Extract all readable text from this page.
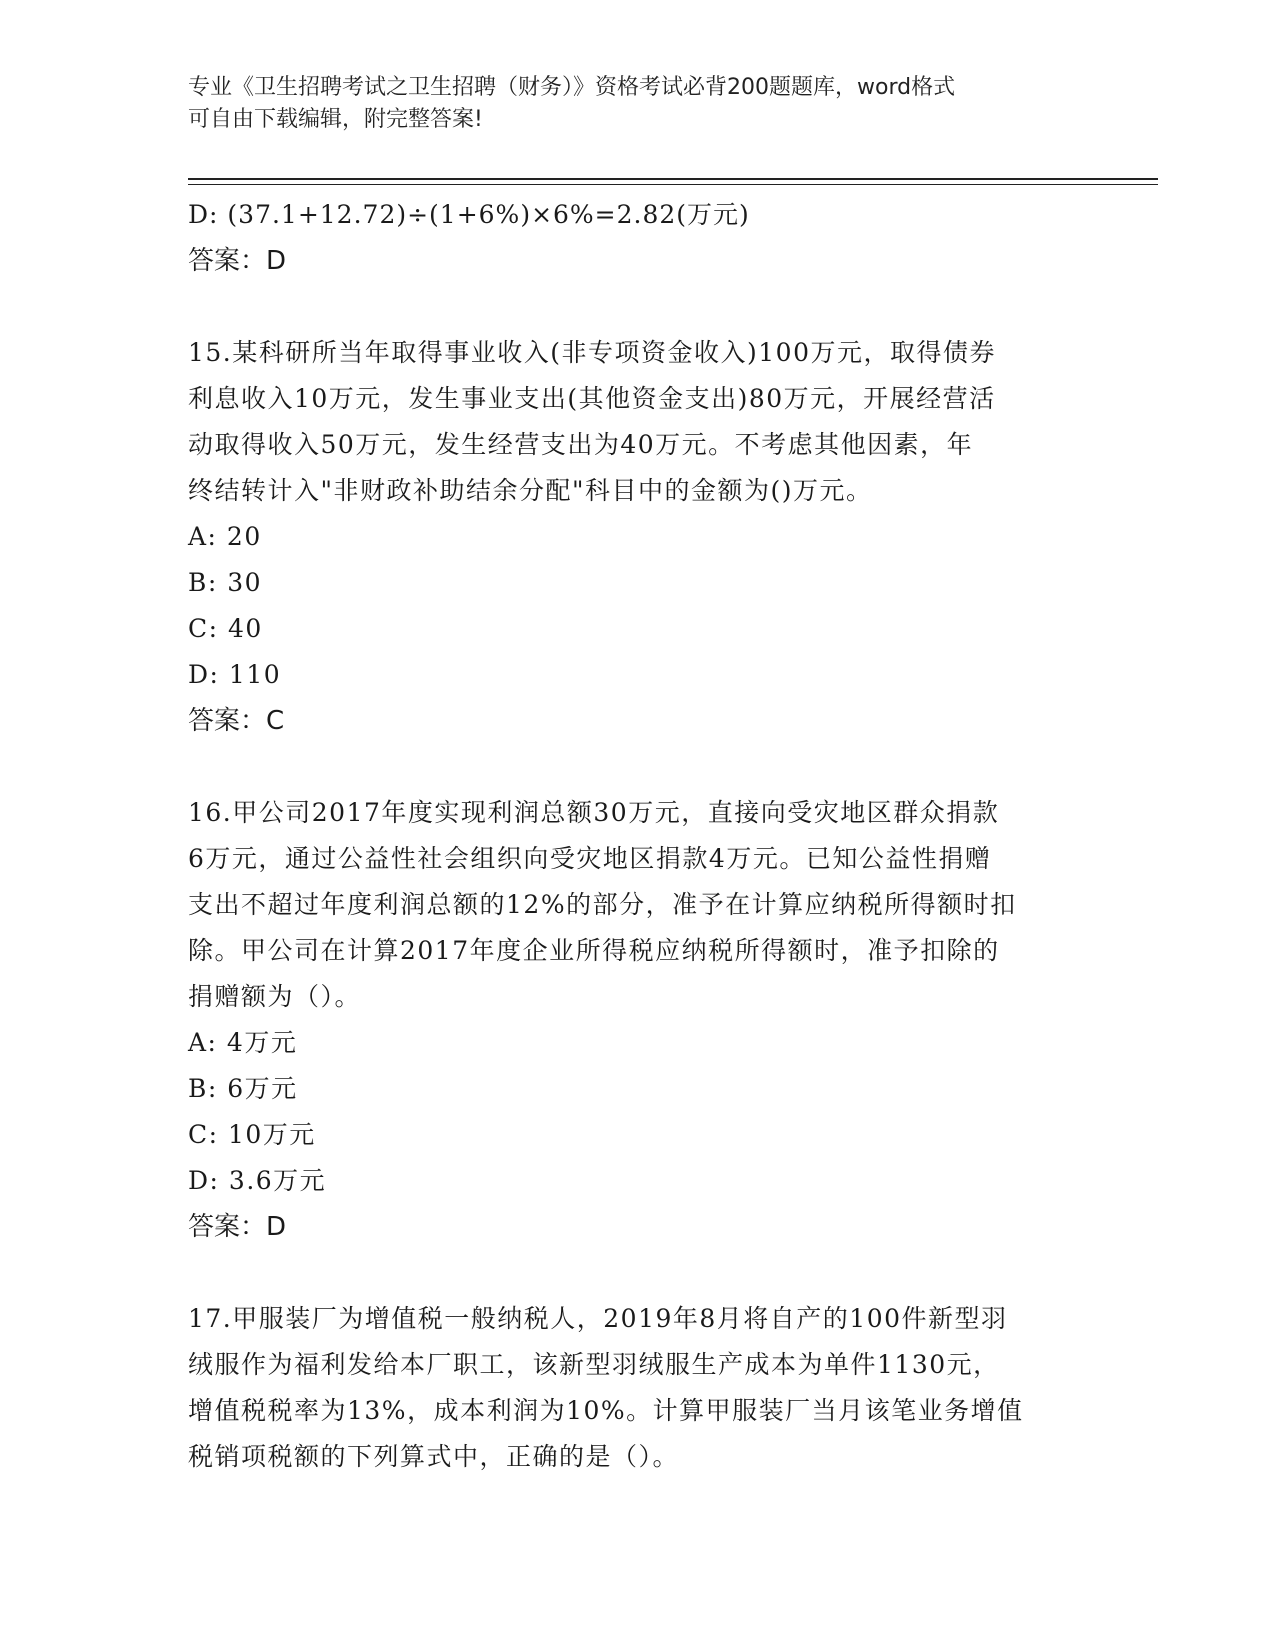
专业《卫生招聘考试之卫生招聘（财务）》资格考试必背200题题库，word格式
可自由下载编辑，附完整答案!

D: (37.1+12.72)÷(1+6%)×6%=2.82(万元)

答案：D

15.某科研所当年取得事业收入(非专项资金收入)100万元，取得债券

利息收入10万元，发生事业支出(其他资金支出)80万元，开展经营活

动取得收入50万元，发生经营支出为40万元。不考虑其他因素，年

终结转计入"非财政补助结余分配"科目中的金额为()万元。

A: 20

B: 30

C: 40

D: 110

答案：C

16.甲公司2017年度实现利润总额30万元，直接向受灾地区群众捐款

6万元，通过公益性社会组织向受灾地区捐款4万元。已知公益性捐赠

支出不超过年度利润总额的12%的部分，准予在计算应纳税所得额时扣

除。甲公司在计算2017年度企业所得税应纳税所得额时，准予扣除的

捐赠额为（）。

A: 4万元

B: 6万元

C: 10万元

D: 3.6万元

答案：D

17.甲服装厂为增值税一般纳税人，2019年8月将自产的100件新型羽

绒服作为福利发给本厂职工，该新型羽绒服生产成本为单件1130元，

增值税税率为13%，成本利润为10%。计算甲服装厂当月该笔业务增值

税销项税额的下列算式中，正确的是（）。
